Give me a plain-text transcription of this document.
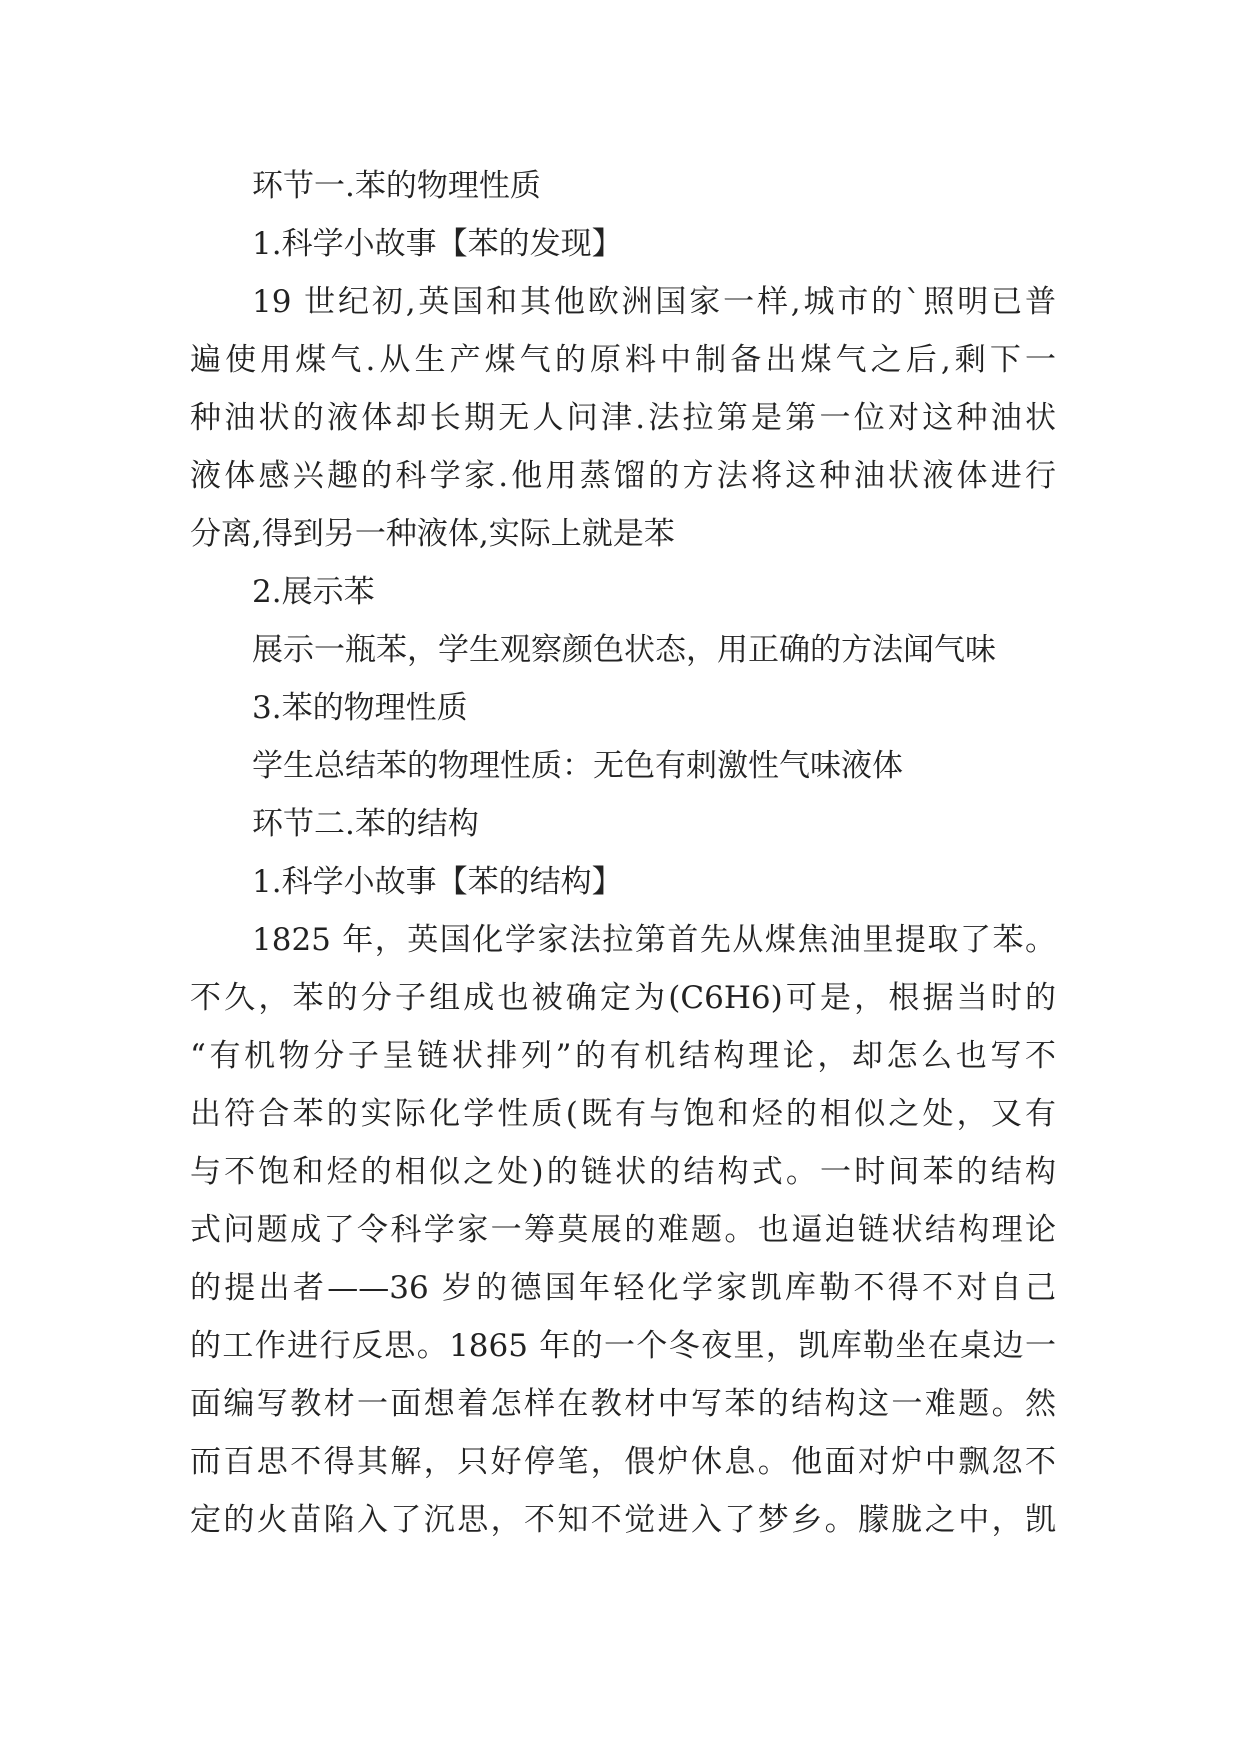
环节一.苯的物理性质
1.科学小故事【苯的发现】
19 世纪初,英国和其他欧洲国家一样,城市的`照明已普
遍使用煤气.从生产煤气的原料中制备出煤气之后,剩下一
种油状的液体却长期无人问津.法拉第是第一位对这种油状
液体感兴趣的科学家.他用蒸馏的方法将这种油状液体进行
分离,得到另一种液体,实际上就是苯
2.展示苯
展示一瓶苯，学生观察颜色状态，用正确的方法闻气味
3.苯的物理性质
学生总结苯的物理性质：无色有刺激性气味液体
环节二.苯的结构
1.科学小故事【苯的结构】
1825 年，英国化学家法拉第首先从煤焦油里提取了苯。
不久，苯的分子组成也被确定为(C6H6)可是，根据当时的
“有机物分子呈链状排列”的有机结构理论，却怎么也写不
出符合苯的实际化学性质(既有与饱和烃的相似之处，又有
与不饱和烃的相似之处)的链状的结构式。一时间苯的结构
式问题成了令科学家一筹莫展的难题。也逼迫链状结构理论
的提出者——36 岁的德国年轻化学家凯库勒不得不对自己
的工作进行反思。1865 年的一个冬夜里，凯库勒坐在桌边一
面编写教材一面想着怎样在教材中写苯的结构这一难题。然
而百思不得其解，只好停笔，偎炉休息。他面对炉中飘忽不
定的火苗陷入了沉思，不知不觉进入了梦乡。朦胧之中，凯
